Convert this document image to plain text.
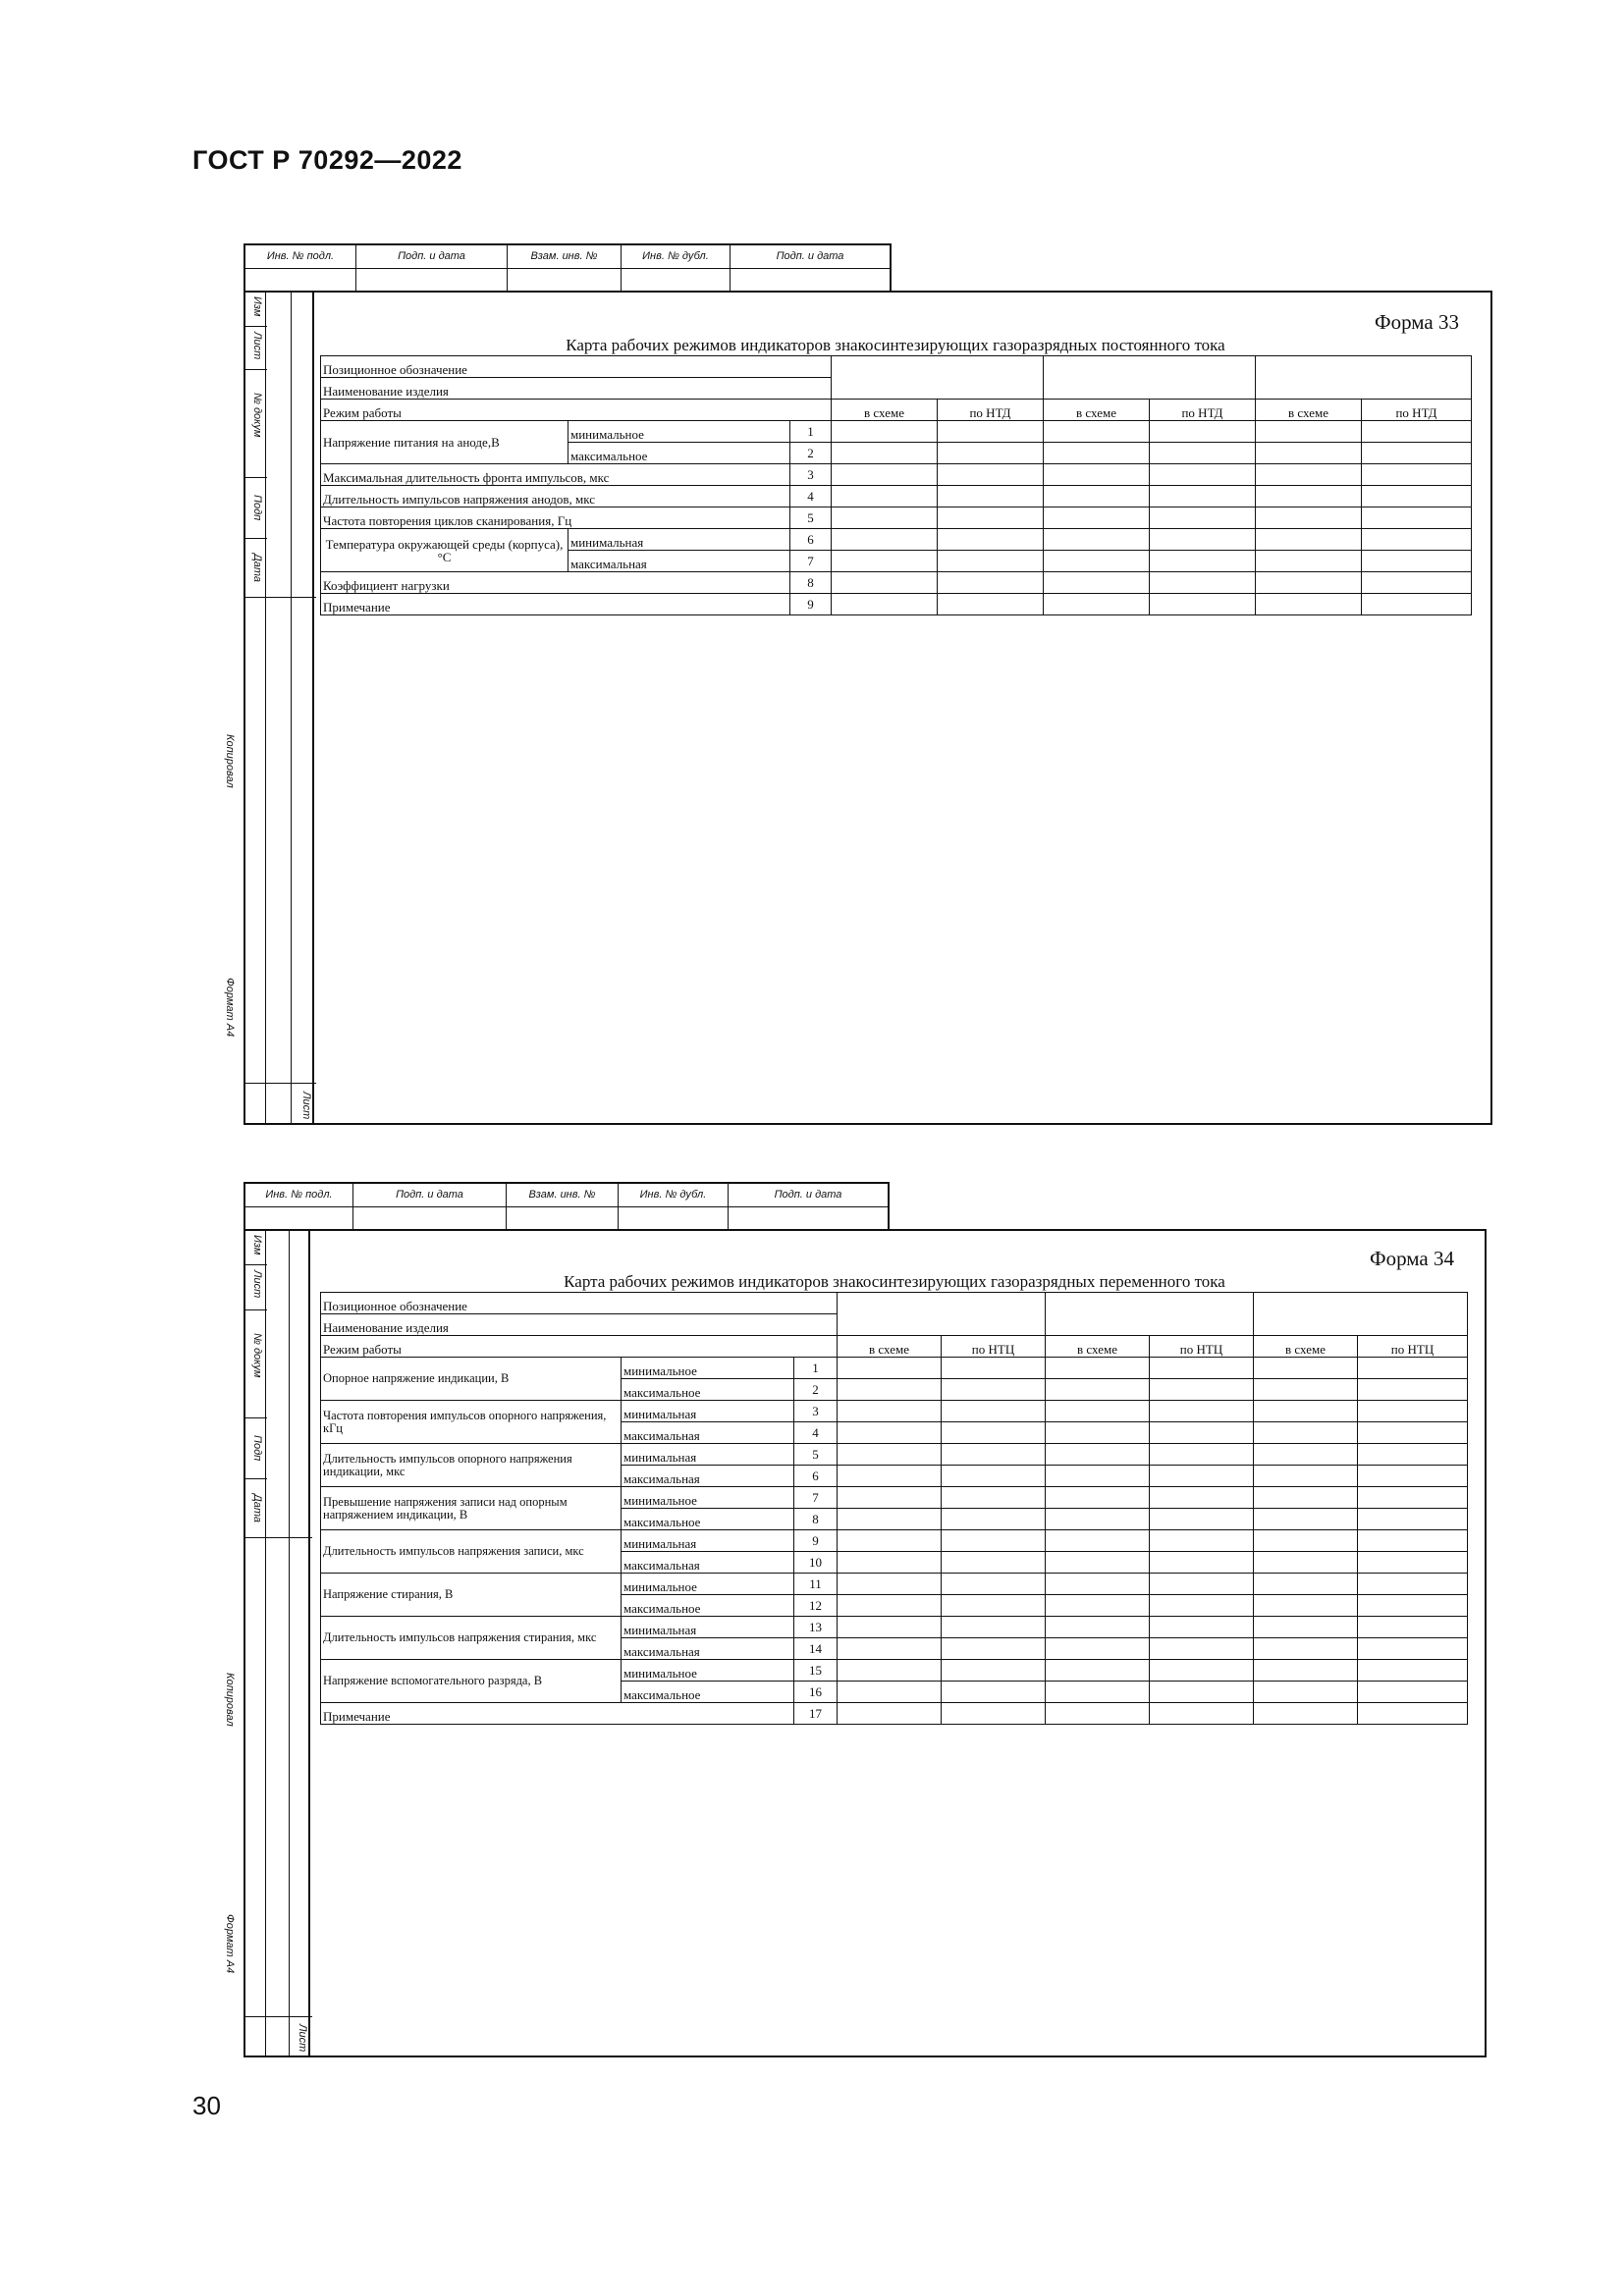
ГОСТ Р 70292—2022
30
Инв. № подл.	Подп. и дата	Взам. инв. №	Инв. № дубл.	Подп. и дата
Изм
Лист
№ докум
Подп
Дата
Лист
Копировал
Формат A4
Форма 33
Карта рабочих режимов индикаторов знакосинтезирующих газоразрядных постоянного тока
Позиционное обозначение								
Наименование изделия								
Режим работы			в схеме	по НТД	в схеме	по НТД	в схеме	по НТД
Напряжение питания на аноде,В	минимальное	1						
	максимальное	2						
Максимальная длительность фронта импульсов, мкс		3						
Длительность импульсов напряжения анодов, мкс		4						
Частота повторения циклов сканирования, Гц		5						
Температура окружающей среды (корпуса), °С	минимальная	6						
	максимальная	7						
Коэффициент нагрузки		8						
Примечание		9						
Инв. № подл.	Подп. и дата	Взам. инв. №	Инв. № дубл.	Подп. и дата
Изм
Лист
№ докум
Подп
Дата
Лист
Копировал
Формат A4
Форма 34
Карта рабочих режимов индикаторов знакосинтезирующих газоразрядных переменного тока
Позиционное обозначение								
Наименование изделия								
Режим работы			в схеме	по НТЦ	в схеме	по НТЦ	в схеме	по НТЦ
Опорное напряжение индикации, В	минимальное	1						
	максимальное	2						
Частота повторения импульсов опорного напряжения, кГц	минимальная	3						
	максимальная	4						
Длительность импульсов опорного напряжения индикации, мкс	минимальная	5						
	максимальная	6						
Превышение напряжения записи над опорным напряжением индикации, В	минимальное	7						
	максимальное	8						
Длительность импульсов напряжения записи, мкс	минимальная	9						
	максимальная	10						
Напряжение стирания, В	минимальное	11						
	максимальное	12						
Длительность импульсов напряжения стирания, мкс	минимальная	13						
	максимальная	14						
Напряжение вспомогательного разряда, В	минимальное	15						
	максимальное	16						
Примечание		17						
